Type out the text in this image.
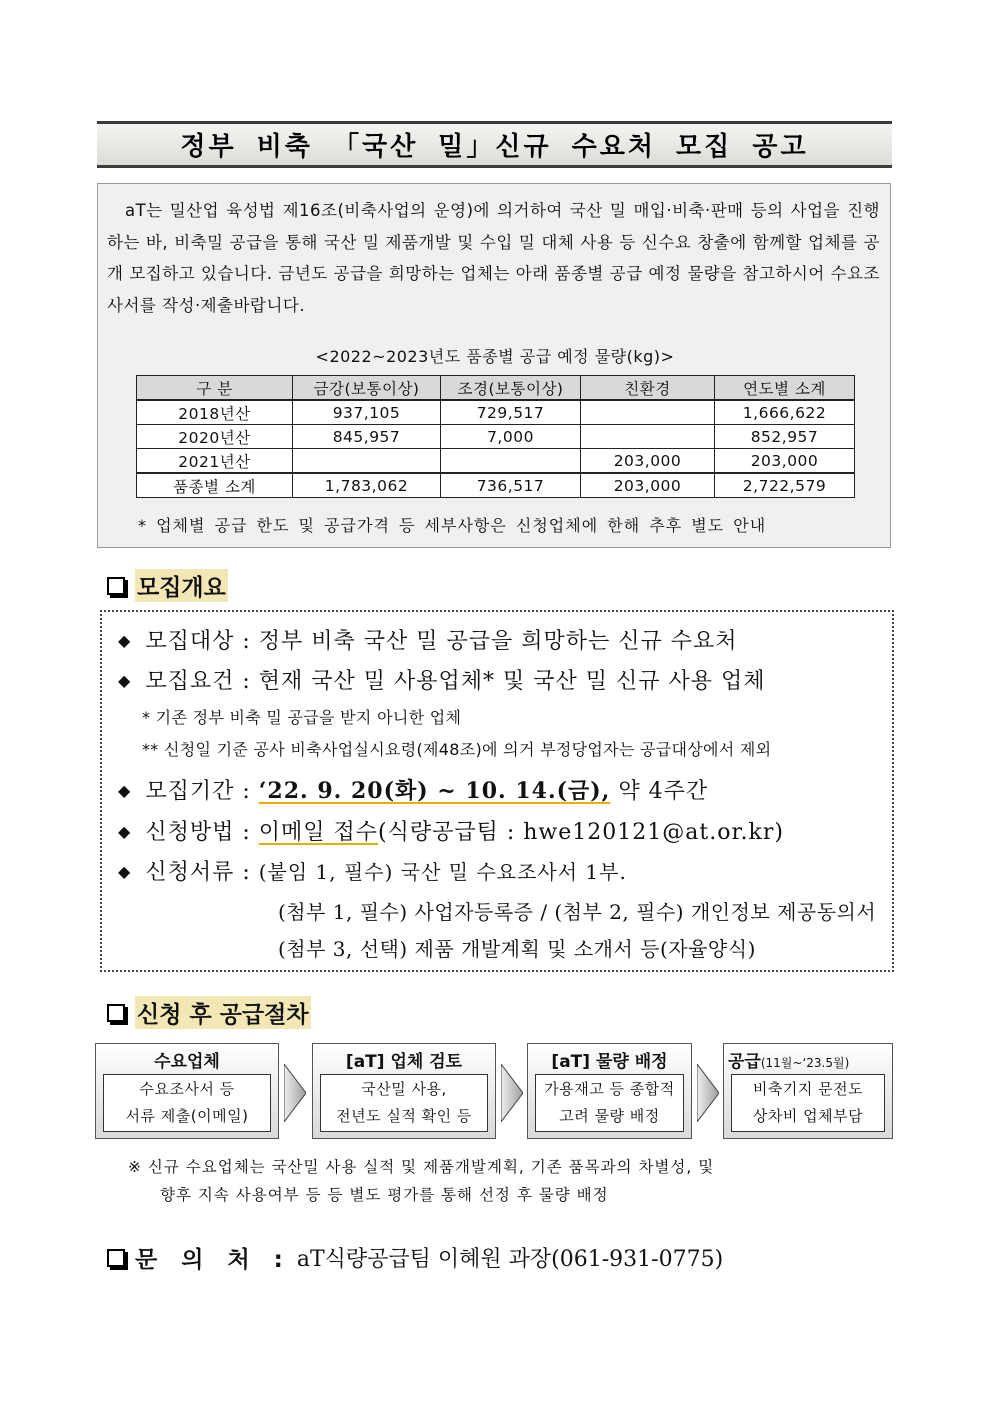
정부 비축 「국산 밀」신규 수요처 모집 공고

aT는 밀산업 육성법 제16조(비축사업의 운영)에 의거하여 국산 밀 매입·비축·판매 등의 사업을 진행하는 바, 비축밀 공급을 통해 국산 밀 제품개발 및 수입 밀 대체 사용 등 신수요 창출에 함께할 업체를 공개 모집하고 있습니다. 금년도 공급을 희망하는 업체는 아래 품종별 공급 예정 물량을 참고하시어 수요조사서를 작성·제출바랍니다.

<2022~2023년도 품종별 공급 예정 물량(kg)>
구 분	금강(보통이상)	조경(보통이상)	친환경	연도별 소계
2018년산	937,105	729,517		1,666,622
2020년산	845,957	7,000		852,957
2021년산			203,000	203,000
품종별 소계	1,783,062	736,517	203,000	2,722,579
* 업체별 공급 한도 및 공급가격 등 세부사항은 신청업체에 한해 추후 별도 안내
모집개요
◆ 모집대상 : 정부 비축 국산 밀 공급을 희망하는 신규 수요처
◆ 모집요건 : 현재 국산 밀 사용업체* 및 국산 밀 신규 사용 업체
* 기존 정부 비축 밀 공급을 받지 아니한 업체
** 신청일 기준 공사 비축사업실시요령(제48조)에 의거 부정당업자는 공급대상에서 제외
◆ 모집기간 : ‘22. 9. 20(화) ~ 10. 14.(금), 약 4주간
◆ 신청방법 : 이메일 접수(식량공급팀 : hwe120121@at.or.kr)
◆ 신청서류 : (붙임 1, 필수) 국산 밀 수요조사서 1부.
(첨부 1, 필수) 사업자등록증 / (첨부 2, 필수) 개인정보 제공동의서
(첨부 3, 선택) 제품 개발계획 및 소개서 등(자율양식)
신청 후 공급절차
수요업체
수요조사서 등
서류 제출(이메일)
[aT] 업체 검토
국산밀 사용,
전년도 실적 확인 등
[aT] 물량 배정
가용재고 등 종합적
고려 물량 배정
공급(11월~‘23.5월)
비축기지 문전도
상차비 업체부담
※ 신규 수요업체는 국산밀 사용 실적 및 제품개발계획, 기존 품목과의 차별성, 및
향후 지속 사용여부 등 등 별도 평가를 통해 선정 후 물량 배정
문 의 처 : aT식량공급팀 이혜원 과장(061-931-0775)
